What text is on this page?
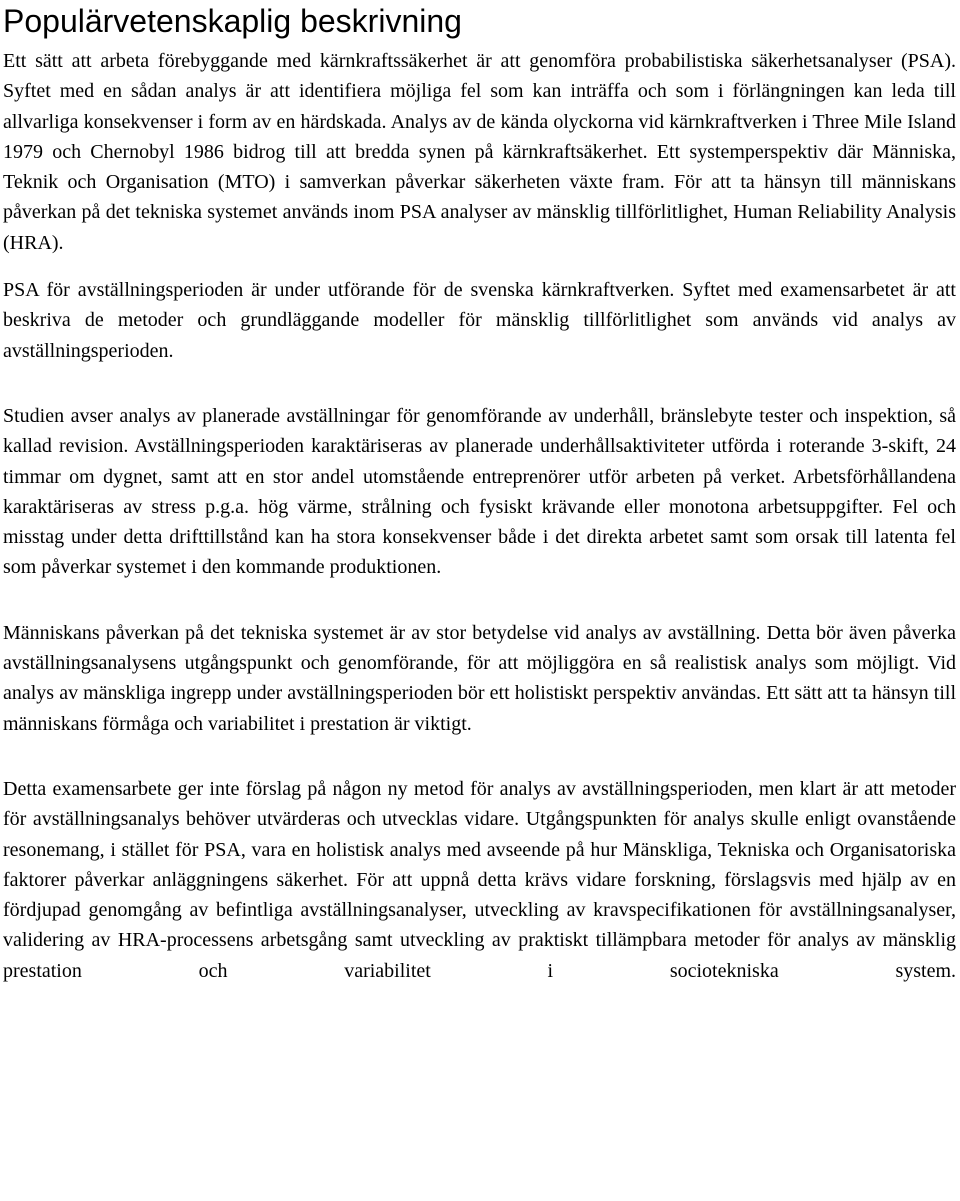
Populärvetenskaplig beskrivning

Ett sätt att arbeta förebyggande med kärnkraftssäkerhet är att genomföra probabilistiska säkerhetsanalyser (PSA). Syftet med en sådan analys är att identifiera möjliga fel som kan inträffa och som i förlängningen kan leda till allvarliga konsekvenser i form av en härdskada. Analys av de kända olyckorna vid kärnkraftverken i Three Mile Island 1979 och Chernobyl 1986 bidrog till att bredda synen på kärnkraftsäkerhet. Ett systemperspektiv där Människa, Teknik och Organisation (MTO) i samverkan påverkar säkerheten växte fram. För att ta hänsyn till människans påverkan på det tekniska systemet används inom PSA analyser av mänsklig tillförlitlighet, Human Reliability Analysis (HRA).

PSA för avställningsperioden är under utförande för de svenska kärnkraftverken. Syftet med examensarbetet är att beskriva de metoder och grundläggande modeller för mänsklig tillförlitlighet som används vid analys av avställningsperioden.

Studien avser analys av planerade avställningar för genomförande av underhåll, bränslebyte tester och inspektion, så kallad revision. Avställningsperioden karaktäriseras av planerade underhållsaktiviteter utförda i roterande 3-skift, 24 timmar om dygnet, samt att en stor andel utomstående entreprenörer utför arbeten på verket. Arbetsförhållandena karaktäriseras av stress p.g.a. hög värme, strålning och fysiskt krävande eller monotona arbetsuppgifter. Fel och misstag under detta drifttillstånd kan ha stora konsekvenser både i det direkta arbetet samt som orsak till latenta fel som påverkar systemet i den kommande produktionen.

Människans påverkan på det tekniska systemet är av stor betydelse vid analys av avställning. Detta bör även påverka avställningsanalysens utgångspunkt och genomförande, för att möjliggöra en så realistisk analys som möjligt. Vid analys av mänskliga ingrepp under avställningsperioden bör ett holistiskt perspektiv användas. Ett sätt att ta hänsyn till människans förmåga och variabilitet i prestation är viktigt.

Detta examensarbete ger inte förslag på någon ny metod för analys av avställningsperioden, men klart är att metoder för avställningsanalys behöver utvärderas och utvecklas vidare. Utgångspunkten för analys skulle enligt ovanstående resonemang, i stället för PSA, vara en holistisk analys med avseende på hur Mänskliga, Tekniska och Organisatoriska faktorer påverkar anläggningens säkerhet. För att uppnå detta krävs vidare forskning, förslagsvis med hjälp av en fördjupad genomgång av befintliga avställningsanalyser, utveckling av kravspecifikationen för avställningsanalyser, validering av HRA-processens arbetsgång samt utveckling av praktiskt tillämpbara metoder för analys av mänsklig prestation och variabilitet i sociotekniska system.
